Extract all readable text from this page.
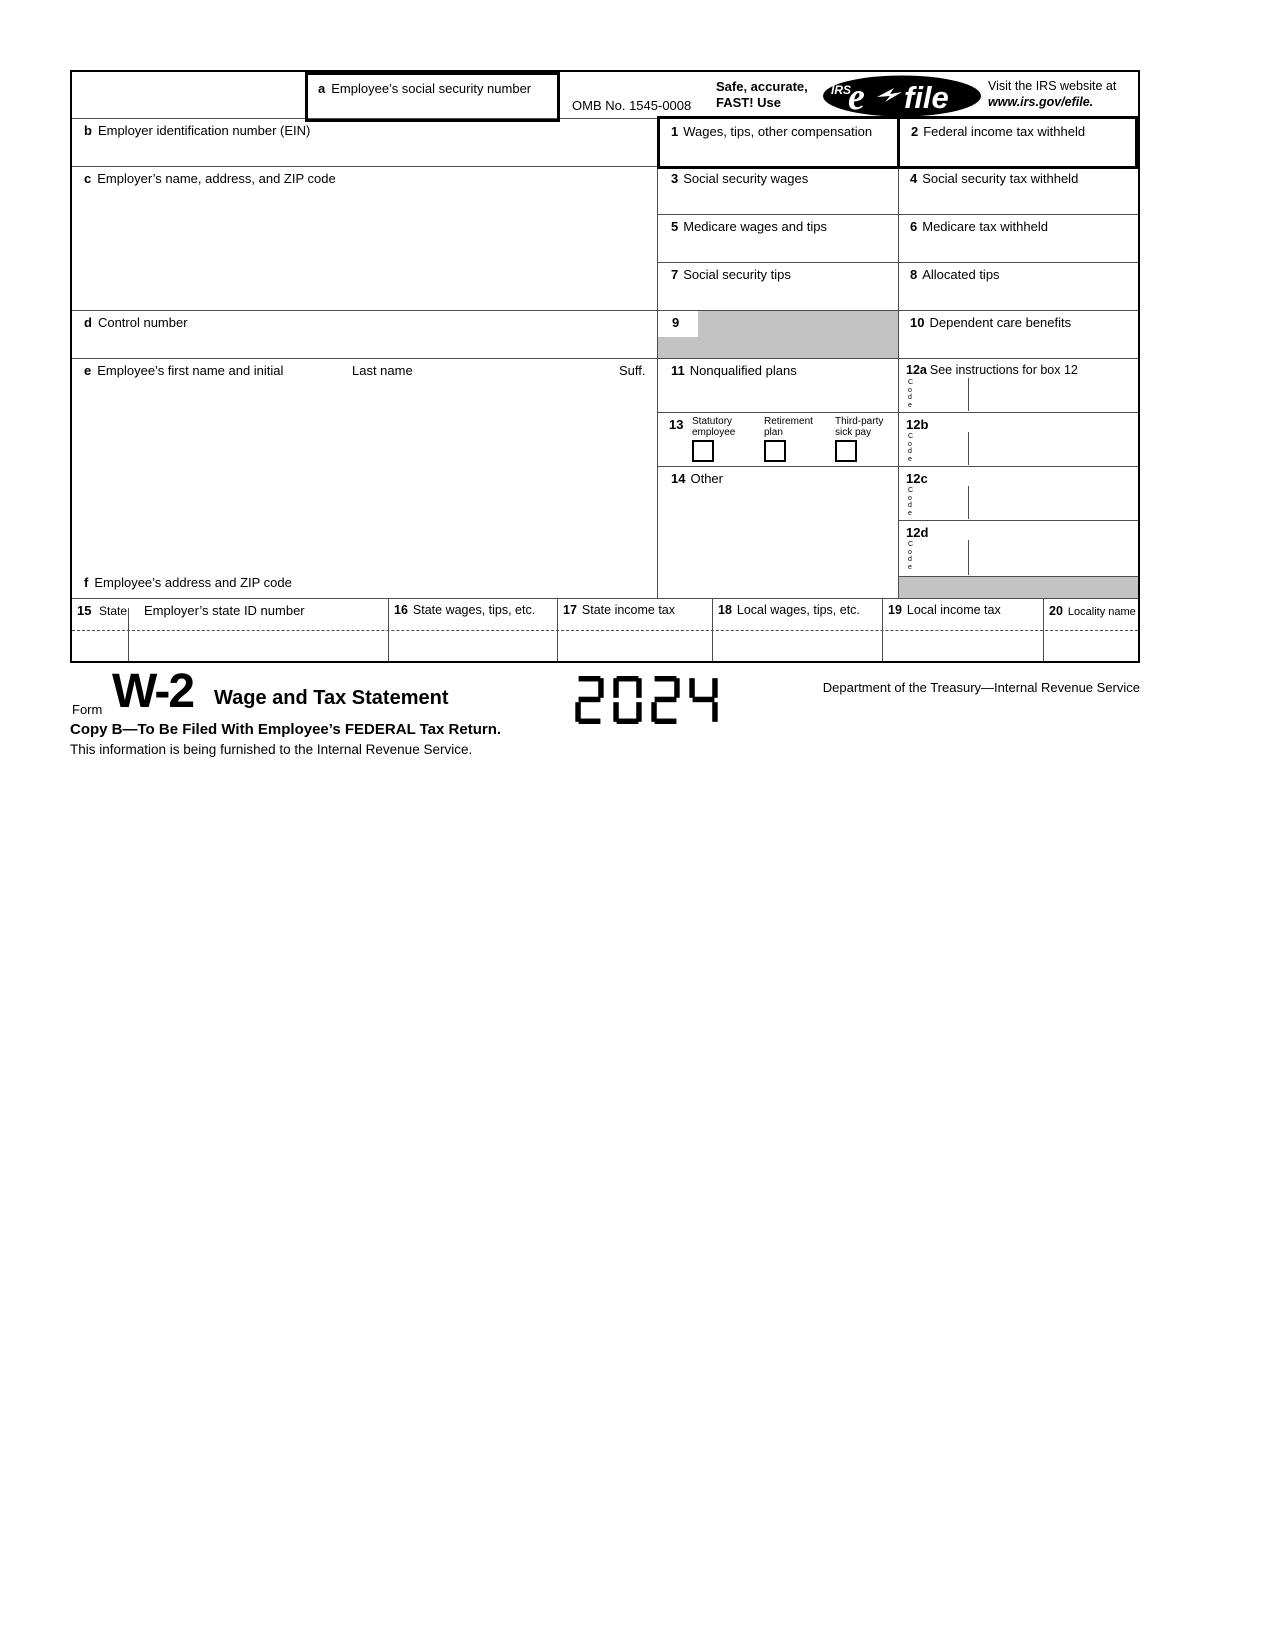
a Employee’s social security number
OMB No. 1545-0008
Safe, accurate,
FAST! Use
IRS
e file	Visit the IRS website at
www.irs.gov/efile.
b Employer identification number (EIN)
c Employer’s name, address, and ZIP code
d Control number
e Employee’s first name and initial	Last name	Suff.
f Employee’s address and ZIP code
1 Wages, tips, other compensation
3 Social security wages
5 Medicare wages and tips
7 Social security tips
9
11 Nonqualified plans
13 Statutory
employee
Retirement
plan
Third-party
sick pay
14 Other
2 Federal income tax withheld
4 Social security tax withheld
6 Medicare tax withheld
8 Allocated tips
10 Dependent care benefits
12a See instructions for box 12
Code
12b
Code
12c
Code
12d
Code
15 State Employer’s state ID number	16 State wages, tips, etc. 17 State income tax	18 Local wages, tips, etc. 19 Local income tax	20 Locality name
Form W-2 Wage and Tax Statement	Department of the Treasury—Internal Revenue Service
Copy B—To Be Filed With Employee’s FEDERAL Tax Return.
This information is being furnished to the Internal Revenue Service.
